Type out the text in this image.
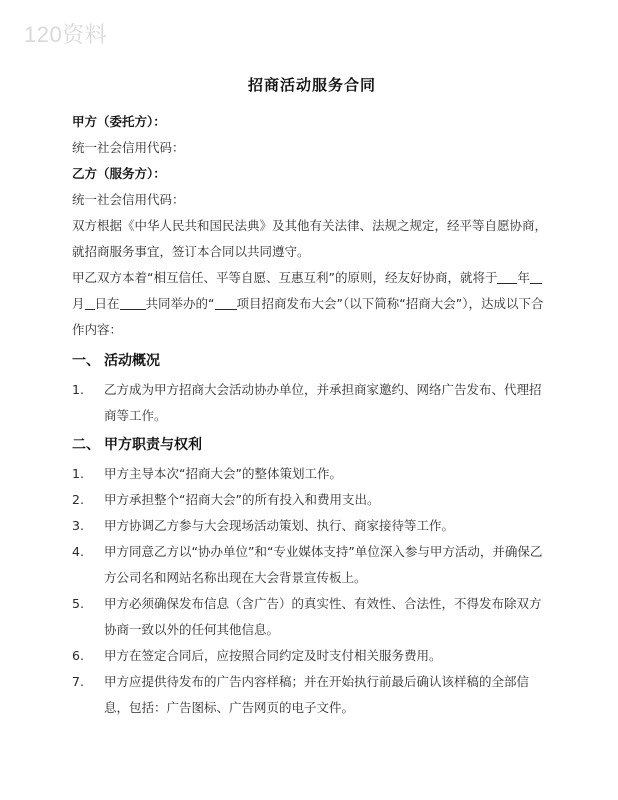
120资料
招商活动服务合同

甲方（委托方）：

统一社会信用代码：

乙方（服务方）：

统一社会信用代码：

双方根据《中华人民共和国民法典》及其他有关法律、法规之规定，经平等自愿协商，就招商服务事宜，签订本合同以共同遵守。

甲乙双方本着“相互信任、平等自愿、互惠互利”的原则，经友好协商，就将于 年
月 日在 共同举办的“ 项目招商发布大会”（以下简称“招商大会”），达成以下合作内容：

一、 活动概况
1.	乙方成为甲方招商大会活动协办单位，并承担商家邀约、网络广告发布、代理招商等工作。
二、 甲方职责与权利
1.	甲方主导本次“招商大会”的整体策划工作。
2.	甲方承担整个“招商大会”的所有投入和费用支出。
3.	甲方协调乙方参与大会现场活动策划、执行、商家接待等工作。
4.	甲方同意乙方以“协办单位”和“专业媒体支持”单位深入参与甲方活动，并确保乙方公司名和网站名称出现在大会背景宣传板上。
5.	甲方必须确保发布信息（含广告）的真实性、有效性、合法性，不得发布除双方协商一致以外的任何其他信息。
6.	甲方在签定合同后，应按照合同约定及时支付相关服务费用。
7.	甲方应提供待发布的广告内容样稿；并在开始执行前最后确认该样稿的全部信息，包括：广告图标、广告网页的电子文件。
